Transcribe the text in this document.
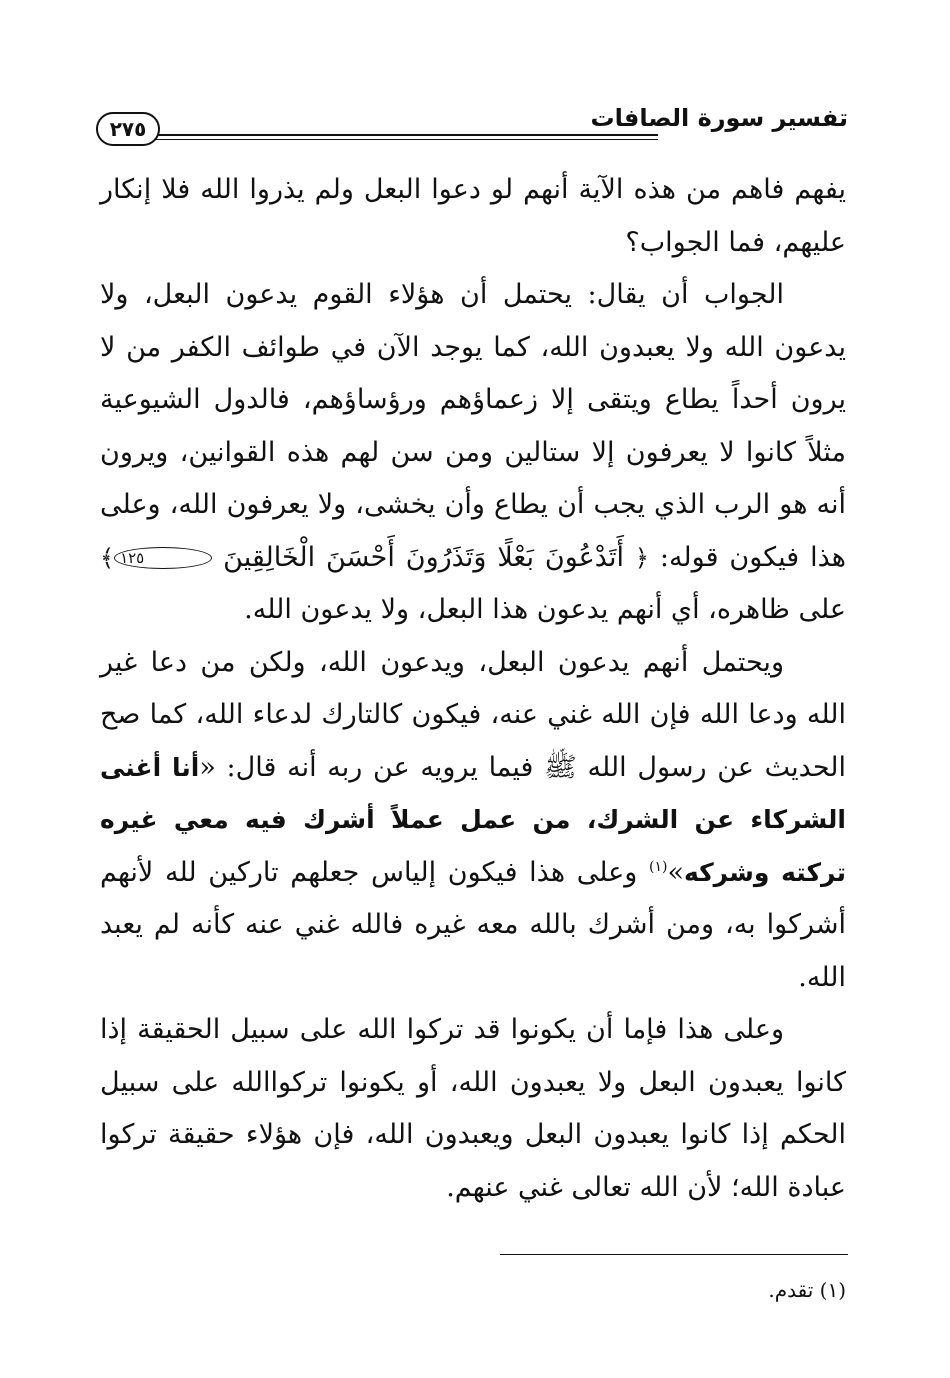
تفسير سورة الصافات
٢٧٥

يفهم فاهم من هذه الآية أنهم لو دعوا البعل ولم يذروا الله فلا إنكار عليهم، فما الجواب؟

الجواب أن يقال: يحتمل أن هؤلاء القوم يدعون البعل، ولا يدعون الله ولا يعبدون الله، كما يوجد الآن في طوائف الكفر من لا يرون أحداً يطاع ويتقى إلا زعماؤهم ورؤساؤهم، فالدول الشيوعية مثلاً كانوا لا يعرفون إلا ستالين ومن سن لهم هذه القوانين، ويرون أنه هو الرب الذي يجب أن يطاع وأن يخشى، ولا يعرفون الله، وعلى هذا فيكون قوله: ﴿ أَتَدْعُونَ بَعْلًا وَتَذَرُونَ أَحْسَنَ الْخَالِقِينَ ١٢٥﴾ على ظاهره، أي أنهم يدعون هذا البعل، ولا يدعون الله.

ويحتمل أنهم يدعون البعل، ويدعون الله، ولكن من دعا غير الله ودعا الله فإن الله غني عنه، فيكون كالتارك لدعاء الله، كما صح الحديث عن رسول الله ﷺ فيما يرويه عن ربه أنه قال: «أنا أغنى الشركاء عن الشرك، من عمل عملاً أشرك فيه معي غيره تركته وشركه»$^{(١)}$ وعلى هذا فيكون إلياس جعلهم تاركين لله لأنهم أشركوا به، ومن أشرك بالله معه غيره فالله غني عنه كأنه لم يعبد الله.

وعلى هذا فإما أن يكونوا قد تركوا الله على سبيل الحقيقة إذا كانوا يعبدون البعل ولا يعبدون الله، أو يكونوا تركواالله على سبيل الحكم إذا كانوا يعبدون البعل ويعبدون الله، فإن هؤلاء حقيقة تركوا عبادة الله؛ لأن الله تعالى غني عنهم.

(١) تقدم.
